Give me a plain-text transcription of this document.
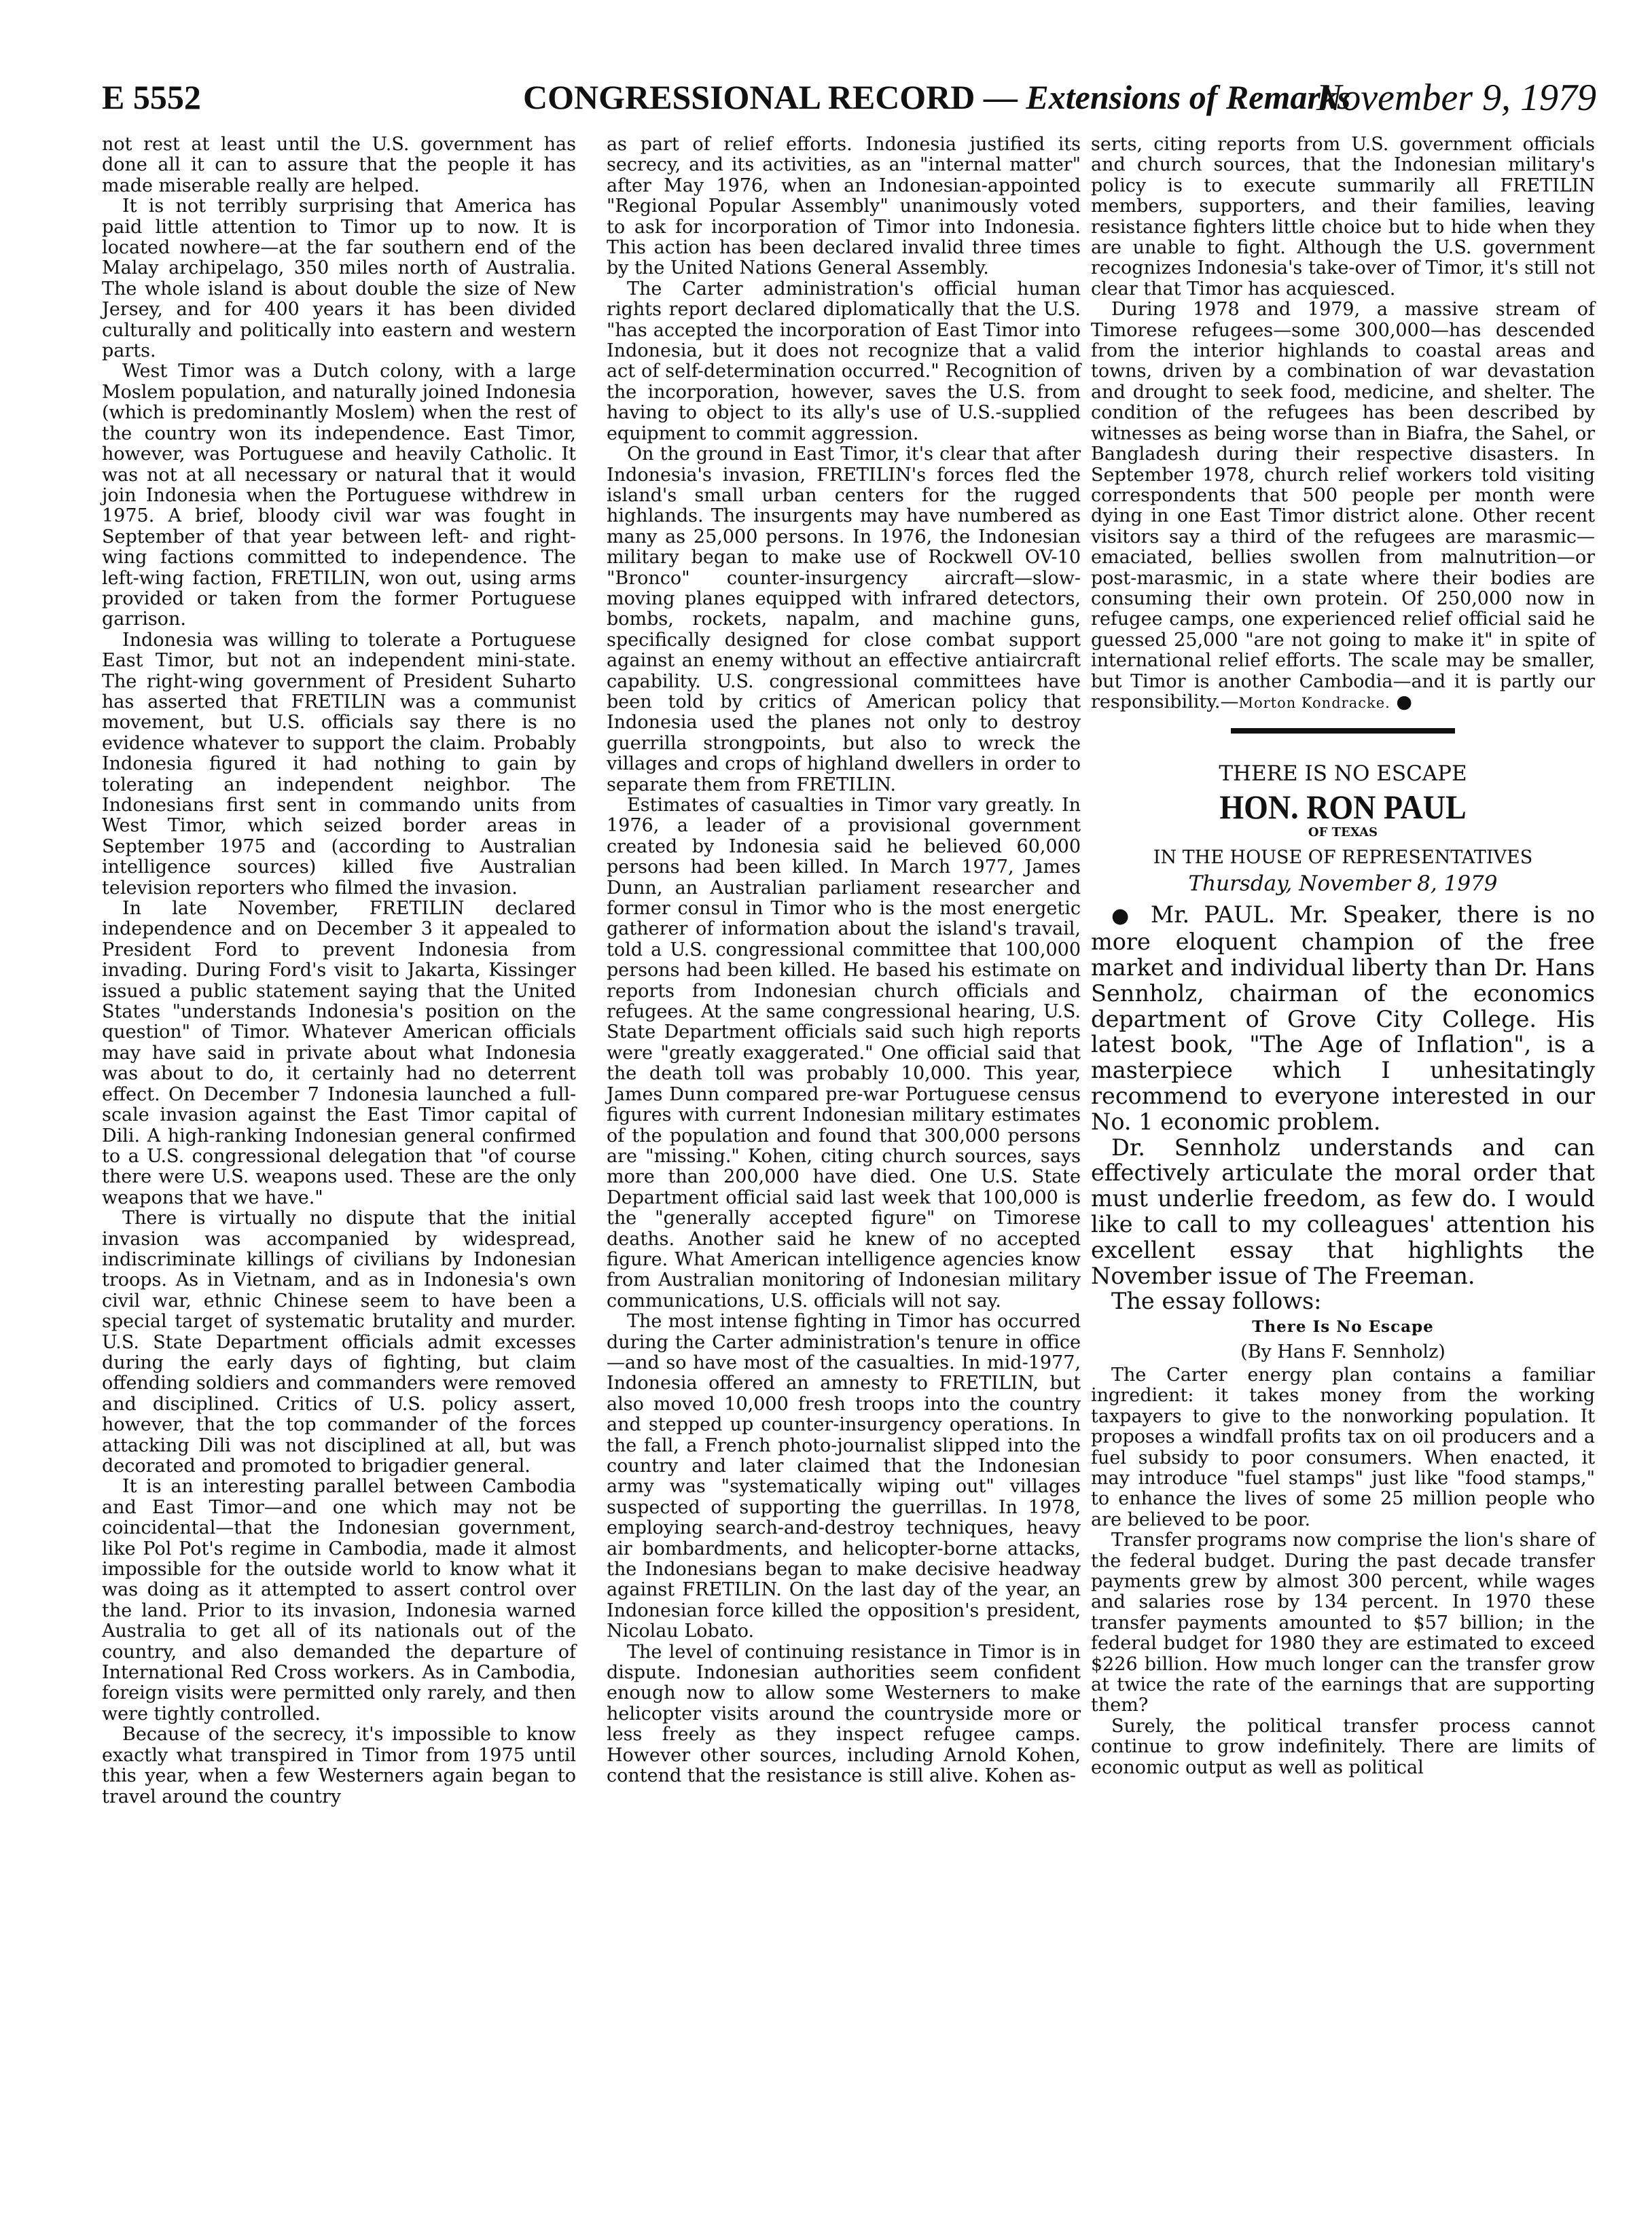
E 5552	CONGRESSIONAL RECORD — Extensions of Remarks
November 9, 1979

not rest at least until the U.S. government has done all it can to assure that the people it has made miserable really are helped.

It is not terribly surprising that America has paid little attention to Timor up to now. It is located nowhere—at the far southern end of the Malay archipelago, 350 miles north of Australia. The whole island is about double the size of New Jersey, and for 400 years it has been divided culturally and politically into eastern and western parts.

West Timor was a Dutch colony, with a large Moslem population, and naturally joined Indonesia (which is predominantly Moslem) when the rest of the country won its independence. East Timor, however, was Portuguese and heavily Catholic. It was not at all necessary or natural that it would join Indonesia when the Portuguese withdrew in 1975. A brief, bloody civil war was fought in September of that year between left- and right-wing factions committed to independence. The left-wing faction, FRETILIN, won out, using arms provided or taken from the former Portuguese garrison.

Indonesia was willing to tolerate a Portuguese East Timor, but not an independent mini-state. The right-wing government of President Suharto has asserted that FRETILIN was a communist movement, but U.S. officials say there is no evidence whatever to support the claim. Probably Indonesia figured it had nothing to gain by tolerating an independent neighbor. The Indonesians first sent in commando units from West Timor, which seized border areas in September 1975 and (according to Australian intelligence sources) killed five Australian television reporters who filmed the invasion.

In late November, FRETILIN declared independence and on December 3 it appealed to President Ford to prevent Indonesia from invading. During Ford's visit to Jakarta, Kissinger issued a public statement saying that the United States "understands Indonesia's position on the question" of Timor. Whatever American officials may have said in private about what Indonesia was about to do, it certainly had no deterrent effect. On December 7 Indonesia launched a full-scale invasion against the East Timor capital of Dili. A high-ranking Indonesian general confirmed to a U.S. congressional delegation that "of course there were U.S. weapons used. These are the only weapons that we have."

There is virtually no dispute that the initial invasion was accompanied by widespread, indiscriminate killings of civilians by Indonesian troops. As in Vietnam, and as in Indonesia's own civil war, ethnic Chinese seem to have been a special target of systematic brutality and murder. U.S. State Department officials admit excesses during the early days of fighting, but claim offending soldiers and commanders were removed and disciplined. Critics of U.S. policy assert, however, that the top commander of the forces attacking Dili was not disciplined at all, but was decorated and promoted to brigadier general.

It is an interesting parallel between Cambodia and East Timor—and one which may not be coincidental—that the Indonesian government, like Pol Pot's regime in Cambodia, made it almost impossible for the outside world to know what it was doing as it attempted to assert control over the land. Prior to its invasion, Indonesia warned Australia to get all of its nationals out of the country, and also demanded the departure of International Red Cross workers. As in Cambodia, foreign visits were permitted only rarely, and then were tightly controlled.

Because of the secrecy, it's impossible to know exactly what transpired in Timor from 1975 until this year, when a few Westerners again began to travel around the country

as part of relief efforts. Indonesia justified its secrecy, and its activities, as an "internal matter" after May 1976, when an Indonesian-appointed "Regional Popular Assembly" unanimously voted to ask for incorporation of Timor into Indonesia. This action has been declared invalid three times by the United Nations General Assembly.

The Carter administration's official human rights report declared diplomatically that the U.S. "has accepted the incorporation of East Timor into Indonesia, but it does not recognize that a valid act of self-determination occurred." Recognition of the incorporation, however, saves the U.S. from having to object to its ally's use of U.S.-supplied equipment to commit aggression.

On the ground in East Timor, it's clear that after Indonesia's invasion, FRETILIN's forces fled the island's small urban centers for the rugged highlands. The insurgents may have numbered as many as 25,000 persons. In 1976, the Indonesian military began to make use of Rockwell OV-10 "Bronco" counter-insurgency aircraft—slow-moving planes equipped with infrared detectors, bombs, rockets, napalm, and machine guns, specifically designed for close combat support against an enemy without an effective antiaircraft capability. U.S. congressional committees have been told by critics of American policy that Indonesia used the planes not only to destroy guerrilla strongpoints, but also to wreck the villages and crops of highland dwellers in order to separate them from FRETILIN.

Estimates of casualties in Timor vary greatly. In 1976, a leader of a provisional government created by Indonesia said he believed 60,000 persons had been killed. In March 1977, James Dunn, an Australian parliament researcher and former consul in Timor who is the most energetic gatherer of information about the island's travail, told a U.S. congressional committee that 100,000 persons had been killed. He based his estimate on reports from Indonesian church officials and refugees. At the same congressional hearing, U.S. State Department officials said such high reports were "greatly exaggerated." One official said that the death toll was probably 10,000. This year, James Dunn compared pre-war Portuguese census figures with current Indonesian military estimates of the population and found that 300,000 persons are "missing." Kohen, citing church sources, says more than 200,000 have died. One U.S. State Department official said last week that 100,000 is the "generally accepted figure" on Timorese deaths. Another said he knew of no accepted figure. What American intelligence agencies know from Australian monitoring of Indonesian military communications, U.S. officials will not say.

The most intense fighting in Timor has occurred during the Carter administration's tenure in office—and so have most of the casualties. In mid-1977, Indonesia offered an amnesty to FRETILIN, but also moved 10,000 fresh troops into the country and stepped up counter-insurgency operations. In the fall, a French photo-journalist slipped into the country and later claimed that the Indonesian army was "systematically wiping out" villages suspected of supporting the guerrillas. In 1978, employing search-and-destroy techniques, heavy air bombardments, and helicopter-borne attacks, the Indonesians began to make decisive headway against FRETILIN. On the last day of the year, an Indonesian force killed the opposition's president, Nicolau Lobato.

The level of continuing resistance in Timor is in dispute. Indonesian authorities seem confident enough now to allow some Westerners to make helicopter visits around the countryside more or less freely as they inspect refugee camps. However other sources, including Arnold Kohen, contend that the resistance is still alive. Kohen as-

serts, citing reports from U.S. government officials and church sources, that the Indonesian military's policy is to execute summarily all FRETILIN members, supporters, and their families, leaving resistance fighters little choice but to hide when they are unable to fight. Although the U.S. government recognizes Indonesia's take-over of Timor, it's still not clear that Timor has acquiesced.

During 1978 and 1979, a massive stream of Timorese refugees—some 300,000—has descended from the interior highlands to coastal areas and towns, driven by a combination of war devastation and drought to seek food, medicine, and shelter. The condition of the refugees has been described by witnesses as being worse than in Biafra, the Sahel, or Bangladesh during their respective disasters. In September 1978, church relief workers told visiting correspondents that 500 people per month were dying in one East Timor district alone. Other recent visitors say a third of the refugees are marasmic—emaciated, bellies swollen from malnutrition—or post-marasmic, in a state where their bodies are consuming their own protein. Of 250,000 now in refugee camps, one experienced relief official said he guessed 25,000 "are not going to make it" in spite of international relief efforts. The scale may be smaller, but Timor is another Cambodia—and it is partly our responsibility.—Morton Kondracke. ●

THERE IS NO ESCAPE
HON. RON PAUL
OF TEXAS
IN THE HOUSE OF REPRESENTATIVES
Thursday, November 8, 1979

● Mr. PAUL. Mr. Speaker, there is no more eloquent champion of the free market and individual liberty than Dr. Hans Sennholz, chairman of the economics department of Grove City College. His latest book, "The Age of Inflation", is a masterpiece which I unhesitatingly recommend to everyone interested in our No. 1 economic problem.

Dr. Sennholz understands and can effectively articulate the moral order that must underlie freedom, as few do. I would like to call to my colleagues' attention his excellent essay that highlights the November issue of The Freeman.

The essay follows:

There Is No Escape
(By Hans F. Sennholz)

The Carter energy plan contains a familiar ingredient: it takes money from the working taxpayers to give to the nonworking population. It proposes a windfall profits tax on oil producers and a fuel subsidy to poor consumers. When enacted, it may introduce "fuel stamps" just like "food stamps," to enhance the lives of some 25 million people who are believed to be poor.

Transfer programs now comprise the lion's share of the federal budget. During the past decade transfer payments grew by almost 300 percent, while wages and salaries rose by 134 percent. In 1970 these transfer payments amounted to $57 billion; in the federal budget for 1980 they are estimated to exceed $226 billion. How much longer can the transfer grow at twice the rate of the earnings that are supporting them?

Surely, the political transfer process cannot continue to grow indefinitely. There are limits of economic output as well as political
